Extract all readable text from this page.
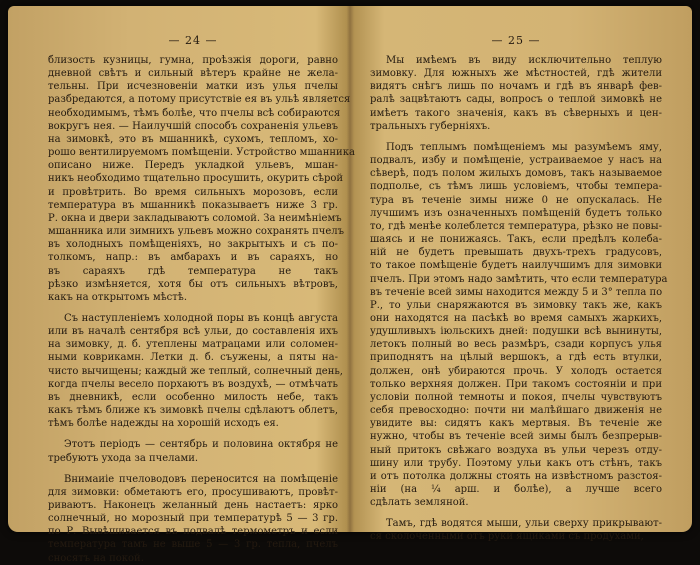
— 24 —
близость кузницы, гумна, проѣзжія дороги, равно
дневной свѣтъ и сильный вѣтеръ крайне не жела-
тельны. При исчезновеніи матки изъ улья пчелы
разбредаются, а потому присутствіе ея въ ульѣ является
необходимымъ, тѣмъ болѣе, что пчелы всѣ собираются
вокругъ нея. — Наилучшій способъ сохраненія ульевъ
на зимовкѣ, это въ мшанникѣ, сухомъ, тепломъ, хо-
рошо вентилируемомъ помѣщеніи. Устройство мшанника
описано ниже. Передъ укладкой ульевъ, мшан-
никъ необходимо тщательно просушить, окурить сѣрой
и провѣтрить. Во время сильныхъ морозовъ, если
температура въ мшанникѣ показываетъ ниже 3 гр.
Р. окна и двери закладываютъ соломой. За неимѣніемъ
мшанника или зимнихъ ульевъ можно сохранять пчелъ
въ холодныхъ помѣщеніяхъ, но закрытыхъ и съ по-
толкомъ, напр.: въ амбарахъ и въ сараяхъ, но
въ сараяхъ гдѣ температура не такъ
рѣзко измѣняется, хотя бы отъ сильныхъ вѣтровъ,
какъ на открытомъ мѣстѣ.
Съ наступленіемъ холодной поры въ концѣ августа
или въ началѣ сентября всѣ ульи, до составленія ихъ
на зимовку, д. б. утеплены матрацами или соломен-
ными коврикамн. Летки д. б. съужены, а пяты на-
чисто вычищены; каждый же теплый, солнечный день,
когда пчелы весело порхаютъ въ воздухѣ, — отмѣчать
въ дневникѣ, если особенно милость небе, такъ
какъ тѣмъ ближе къ зимовкѣ пчелы сдѣлаютъ облетъ,
тѣмъ болѣе надежды на хорошій исходъ ея.
Этотъ періодъ — сентябрь и половина октября не
требуютъ ухода за пчелами.
Внимаиіе пчеловодовъ переносится на помѣщеніе
для зимовки: обметаютъ его, просушиваютъ, провѣт-
риваютъ. Наконецъ желанный день настаетъ: ярко
солнечный, но морозный при температурѣ 5 — 3 гр.
по Р. Вывѣшивается въ подвалѣ термометръ и если
температура тамъ не выше 5 — 3 гр. тепла, пчелъ
сносятъ на покой.
— 25 —
Мы имѣемъ въ виду исключительно теплую
зимовку. Для южныхъ же мѣстностей, гдѣ жители
видятъ снѣгъ лишь по ночамъ и гдѣ въ январѣ фев-
ралѣ зацвѣтаютъ сады, вопросъ о теплой зимовкѣ не
имѣетъ такого значенія, какъ въ сѣверныхъ и цен-
тральныхъ губерніяхъ.
Подъ теплымъ помѣщеніемъ мы разумѣемъ яму,
подвалъ, избу и помѣщеніе, устраиваемое у насъ на
сѣверѣ, подъ полом жилыхъ домовъ, такъ называемое
подполье, съ тѣмъ лишь условіемъ, чтобы темпера-
тура въ теченіе зимы ниже 0 не опускалась. Не
лучшимъ изъ означенныхъ помѣщеній будетъ только
то, гдѣ менѣе колеблется температура, рѣзко не повы-
шаясь и не понижаясь. Такъ, если предѣлъ колеба-
ній не будетъ превышать двухъ-трехъ градусовъ,
то такое помѣщеніе будетъ наилучшимъ для зимовки
пчелъ. При этомъ надо замѣтить, что если температура
въ теченіе всей зимы находится между 5 и 3° тепла по
Р., то ульи снаряжаются въ зимовку такъ же, какъ
они находятся на пасѣкѣ во время самыхъ жаркихъ,
удушливыхъ іюльскихъ дней: подушки всѣ вынинуты,
летокъ полный во весь размѣръ, сзади корпусъ улья
приподнятъ на цѣлый вершокъ, а гдѣ есть втулки,
должен, онѣ убираются прочь. У холодъ остается
только верхняя должен. При такомъ состояніи и при
условіи полной темноты и покоя, пчелы чувствуютъ
себя превосходно: почти ни малѣйшаго движенія не
увидите вы: сидятъ какъ мертвыя. Въ теченіе же
нужно, чтобы въ теченіе всей зимы былъ безпрерыв-
ный притокъ свѣжаго воздуха въ ульи черезъ отду-
шину или трубу. Поэтому ульи какъ отъ стѣнъ, такъ
и отъ потолка должны стоять на извѣстномъ разстоя-
ніи (на ¼ арш. и болѣе), а лучше всего
сдѣлать земляной.
Тамъ, гдѣ водятся мыши, ульи сверху прикрывают-
ся сколоченными отъ руки ящиками съ продухами,
